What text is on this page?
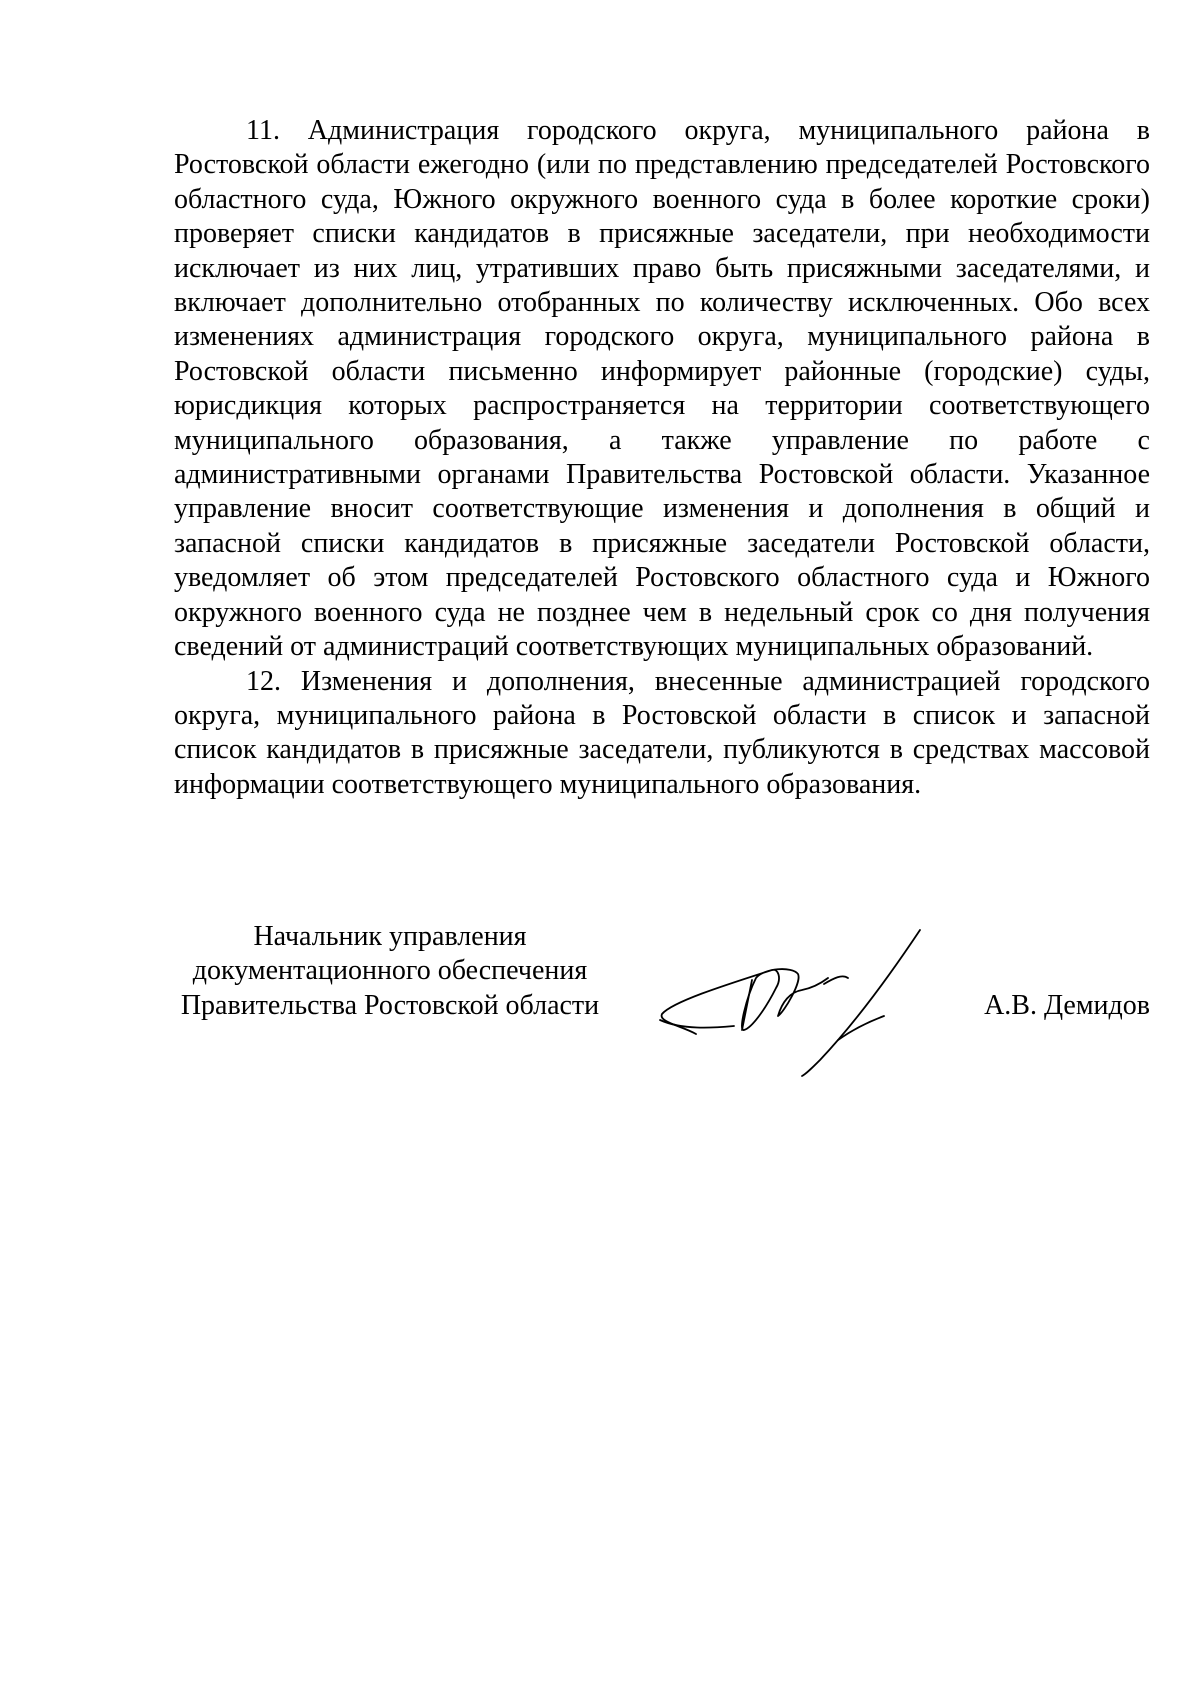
11. Администрация городского округа, муниципального района в Ростовской области ежегодно (или по представлению председателей Ростовского областного суда, Южного окружного военного суда в более короткие сроки) проверяет списки кандидатов в присяжные заседатели, при необходимости исключает из них лиц, утративших право быть присяжными заседателями, и включает дополнительно отобранных по количеству исключенных. Обо всех изменениях администрация городского округа, муниципального района в Ростовской области письменно информирует районные (городские) суды, юрисдикция которых распространяется на территории соответствующего муниципального образования, а также управление по работе с административными органами Правительства Ростовской области. Указанное управление вносит соответствующие изменения и дополнения в общий и запасной списки кандидатов в присяжные заседатели Ростовской области, уведомляет об этом председателей Ростовского областного суда и Южного окружного военного суда не позднее чем в недельный срок со дня получения сведений от администраций соответствующих муниципальных образований.

12. Изменения и дополнения, внесенные администрацией городского округа, муниципального района в Ростовской области в список и запасной список кандидатов в присяжные заседатели, публикуются в средствах массовой информации соответствующего муниципального образования.

Начальник управления
документационного обеспечения
Правительства Ростовской области	А.В. Демидов
